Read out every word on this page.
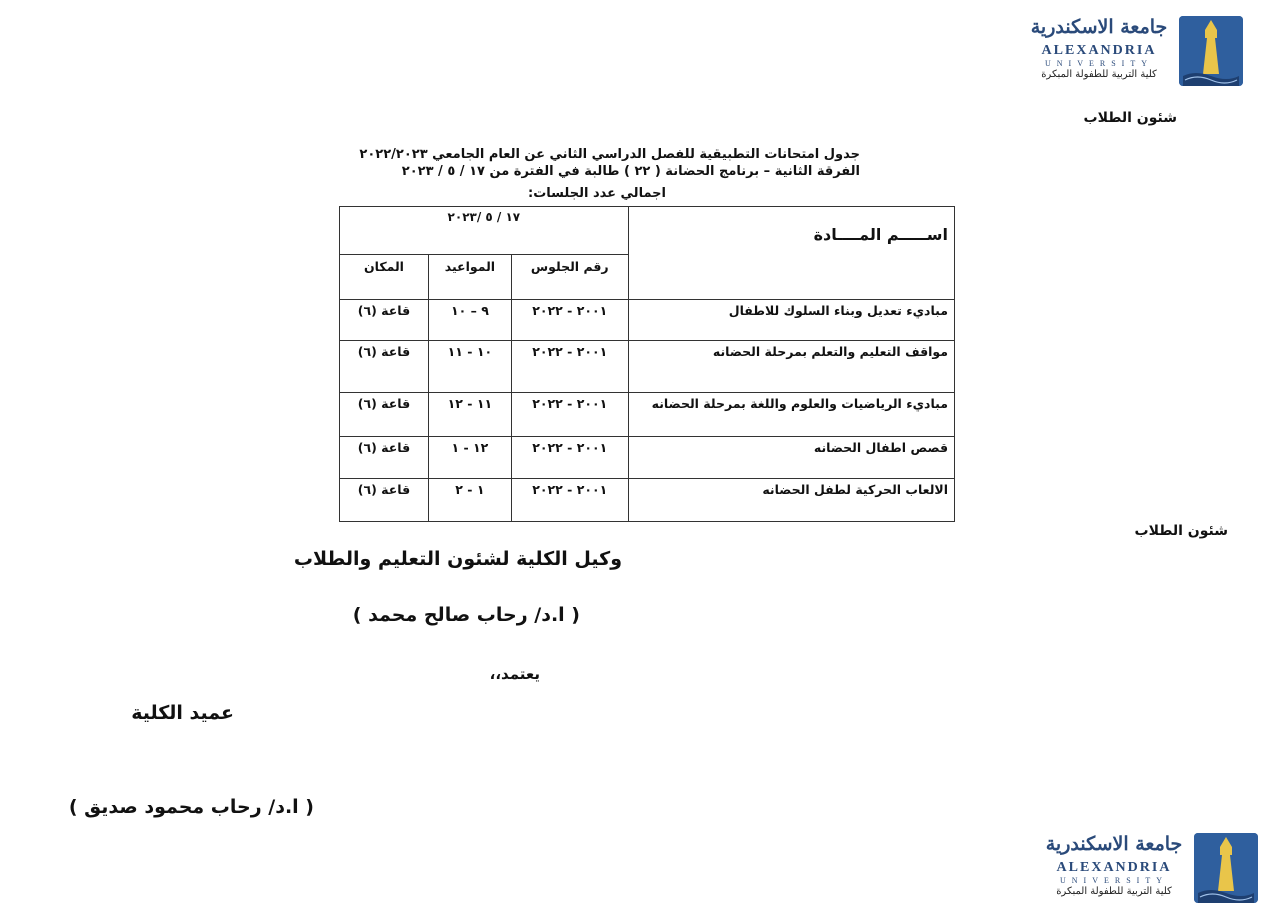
جامعة الاسكندرية
ALEXANDRIA
UNIVERSITY
كلية التربية للطفولة المبكرة
شئون الطلاب
جدول امتحانات التطبيقية للفصل الدراسي الثاني عن العام الجامعي ٢٠٢٢/٢٠٢٣
الفرقة الثانية – برنامج الحضانة ( ٢٢ ) طالبة في الفترة من ١٧ / ٥ / ٢٠٢٣
اجمالي عدد الجلسات:
اســـــم المــــادة	١٧ / ٥ /٢٠٢٣		
	رقم الجلوس	المواعيد	المكان
مباديء تعديل وبناء السلوك للاطفال	٢٠٠١ - ٢٠٢٢	٩ – ١٠	قاعة (٦)
مواقف التعليم والتعلم بمرحلة الحضانه	٢٠٠١ - ٢٠٢٢	١٠ - ١١	قاعة (٦)
مباديء الرياضيات والعلوم واللغة بمرحلة الحضانه	٢٠٠١ - ٢٠٢٢	١١ - ١٢	قاعة (٦)
قصص اطفال الحضانه	٢٠٠١ - ٢٠٢٢	١٢ - ١	قاعة (٦)
الالعاب الحركية لطفل الحضانه	٢٠٠١ - ٢٠٢٢	١ - ٢	قاعة (٦)
شئون الطلاب
وكيل الكلية لشئون التعليم والطلاب
( ا.د/ رحاب صالح محمد )
يعتمد،،
عميد الكلية
( ا.د/ رحاب محمود صديق )
جامعة الاسكندرية
ALEXANDRIA
UNIVERSITY
كلية التربية للطفولة المبكرة
